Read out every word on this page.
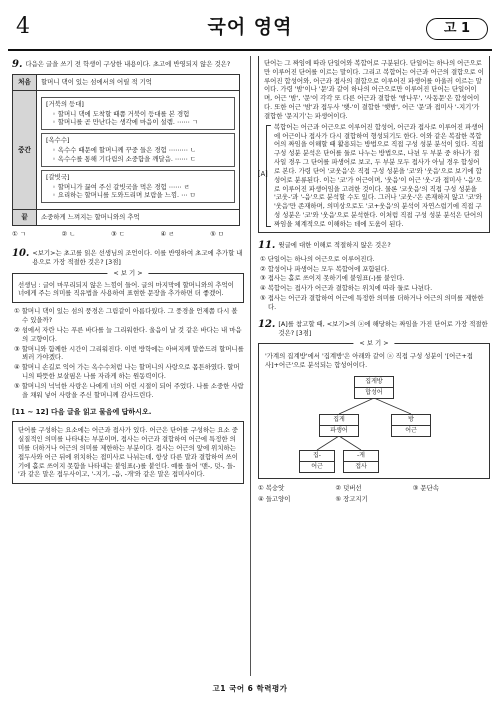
4	국어 영역	고 1
9. 다음은 글을 쓰기 전 학생이 구상한 내용이다. 초고에 반영되지 않은 것은?
처음	할머니 댁이 있는 섬에서의 어릴 적 기억
중간
[거북의 등대]
◦ 할머니 댁에 도착할 때쯤 거북이 등대를 본 경험
◦ 할머니를 곧 만난다는 생각에 마음이 설렘. ⋯⋯ ㄱ
[옥수수]
◦ 옥수수 때문에 할머니께 꾸중 들은 경험 ⋯⋯⋯ ㄴ
◦ 옥수수를 통해 기다림의 소중함을 깨달음. ⋯⋯ ㄷ
[갈빗국]
◦ 할머니가 끓여 주신 갈빗국을 먹은 경험 ⋯⋯ ㄹ
◦ 요리하는 할머니를 도와드리며 보람을 느낌. ⋯ ㅁ
끝	소중하게 느껴지는 할머니와의 추억
① ㄱ	② ㄴ	③ ㄷ	④ ㄹ	⑤ ㅁ
10. <보기>는 초고를 읽은 선생님의 조언이다. 이를 반영하여 초고에 추가할 내용으로 가장 적절한 것은? [3점]
< 보 기 >
선생님 : 글이 마무리되지 않은 느낌이 들어. 글의 마지막에 할머니와의 추억이 너에게 주는 의미를 직유법을 사용하여 표현한 문장을 추가하면 더 좋겠어.
① 할머니 댁이 있는 섬의 풍경은 그림같이 아름다웠다. 그 풍경을 언제쯤 다시 볼 수 있을까?
② 섬에서 자란 나는 푸른 바다를 늘 그리워한다. 울음이 날 것 같은 바다는 내 마음의 고향이다.
③ 할머니와 함께한 시간이 그리워진다. 이번 방학에는 아버지께 말씀드려 할머니를 뵈러 가야겠다.
④ 할머니 손길로 익어 가는 옥수수처럼 나는 할머니의 사랑으로 몸튼하였다. 할머니의 따뜻한 보살핌은 나를 자라게 하는 원동력이다.
⑤ 할머니의 넉넉한 사랑은 나에게 너의 어린 시절이 되어 주었다. 나를 소중한 사람을 채워 넣어 사랑을 주신 할머니께 감사드린다.
[11 ~ 12] 다음 글을 읽고 물음에 답하시오.
단어를 구성하는 요소에는 어근과 접사가 있다. 어근은 단어를 구성하는 요소 중 실질적인 의미를 나타내는 부분이며, 접사는 어근과 결합하여 어근에 특정한 의미를 더하거나 어근의 의미를 제한하는 부분이다. 접사는 어근의 앞에 위치하는 접두사와 어근 뒤에 위치하는 접미사로 나뉘는데, 항상 다른 말과 결합하여 쓰이기에 홀로 쓰이지 못함을 나타내는 붙임표(-)를 붙인다. 예를 들어 '맨-, 덧-, 들-'과 같은 말은 접두사이고, '-지기, -음, -개'와 같은 말은 접미사이다.
단어는 그 짜임에 따라 단일어와 복합어로 구분된다. 단일어는 하나의 어근으로만 이루어진 단어를 이르는 말이다. 그리고 복합어는 어근과 어근의 결합으로 이루어진 합성어와, 어근과 접사의 결합으로 이루어진 파생어를 아울러 이르는 말이다. 가령 '밤'이나 '문'과 같이 하나의 어근으로만 이루어진 단어는 단일어이며, 어근 '밤', '문'이 각각 또 다른 어근과 결합한 '밤나무', '사동문'은 합성어이다. 또한 어근 '밤'과 접두사 '햇-'이 결합한 '햇밤', 어근 '문'과 접미사 '-지기'가 결합한 '문지기'는 파생어이다.
[A]
복합어는 어근과 어근으로 이루어진 합성어, 어근과 접사로 이루어진 파생어에 어근이나 접사가 다시 결합하여 형성되기도 한다. 이와 같은 복잡한 복합어의 짜임을 이해할 때 활용되는 방법으로 직접 구성 성분 분석이 있다. 직접 구성 성분 분석은 단어를 둘로 나누는 방법으로, 나뉜 두 부분 중 하나가 접사일 경우 그 단어를 파생어로 보고, 두 부분 모두 접사가 아닐 경우 합성어로 본다. 가령 단어 '코웃음'은 직접 구성 성분을 '코'와 '웃음'으로 보기에 합성어로 분류된다. 이는 '코'가 어근이며, '웃음'이 어근 '웃-'과 접미사 '-음'으로 이루어진 파생어임을 고려한 것이다. 물론 '코웃음'의 직접 구성 성분을 '코웃-'과 '-음'으로 분석할 수도 있다. 그러나 '코웃-'은 존재하지 않고 '코'와 '웃음'만 존재하며, 의미상으로도 '코+웃음'의 분석이 자연스럽기에 직접 구성 성분은 '코'와 '웃음'으로 분석한다. 이처럼 직접 구성 성분 분석은 단어의 짜임을 체계적으로 이해하는 데에 도움이 된다.
11. 윗글에 대한 이해로 적절하지 않은 것은?
① 단일어는 하나의 어근으로 이루어진다.
② 합성어나 파생어는 모두 복합어에 포함된다.
③ 접사는 홀로 쓰이지 못하기에 붙임표(-)를 붙인다.
④ 복합어는 접사가 어근과 결합하는 위치에 따라 둘로 나뉜다.
⑤ 접사는 어근과 결합하여 어근에 특정한 의미를 더하거나 어근의 의미를 제한한다.
12. [A]를 참고할 때, <보기>의 ⓐ에 해당하는 짜임을 가진 단어로 가장 적절한 것은? [3점]
< 보 기 >
'가계의 집계방'에서 '집계방'은 아래와 같이 ⓐ 직접 구성 성분이 '[어근+접사]+어근'으로 분석되는 합성어이다.
집게방
합성어
집게
파생어
방
어근
집-
어근
-게
접사
① 복숭앗	② 덧버선	③ 문단속
④ 들고양이	⑤ 장고지기
고1 국어 6 학력평가
